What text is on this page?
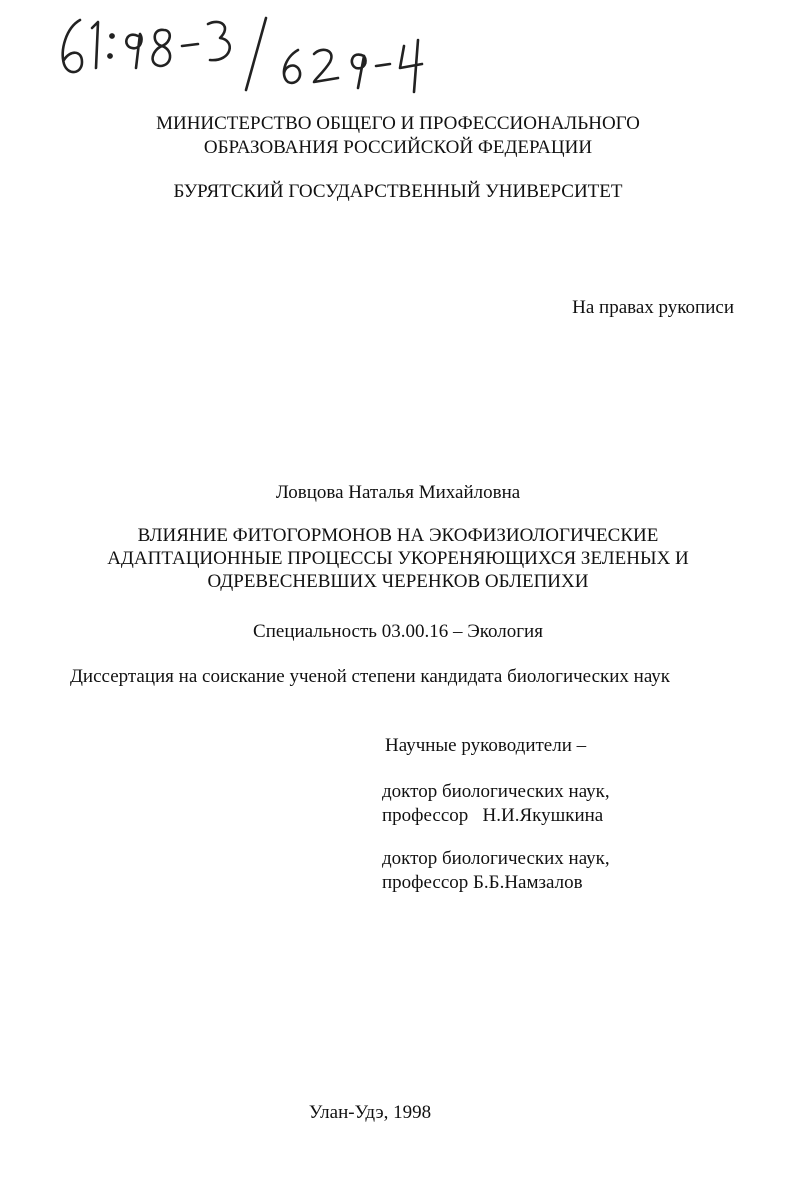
МИНИСТЕРСТВО ОБЩЕГО И ПРОФЕССИОНАЛЬНОГО
ОБРАЗОВАНИЯ РОССИЙСКОЙ ФЕДЕРАЦИИ
БУРЯТСКИЙ ГОСУДАРСТВЕННЫЙ УНИВЕРСИТЕТ
На правах рукописи
Ловцова Наталья Михайловна
ВЛИЯНИЕ ФИТОГОРМОНОВ НА ЭКОФИЗИОЛОГИЧЕСКИЕ
АДАПТАЦИОННЫЕ ПРОЦЕССЫ УКОРЕНЯЮЩИХСЯ ЗЕЛЕНЫХ И
ОДРЕВЕСНЕВШИХ ЧЕРЕНКОВ ОБЛЕПИХИ
Специальность 03.00.16 – Экология
Диссертация на соискание ученой степени кандидата биологических наук
Научные руководители –
доктор биологических наук,
профессор   Н.И.Якушкина
доктор биологических наук,
профессор Б.Б.Намзалов
Улан-Удэ, 1998
